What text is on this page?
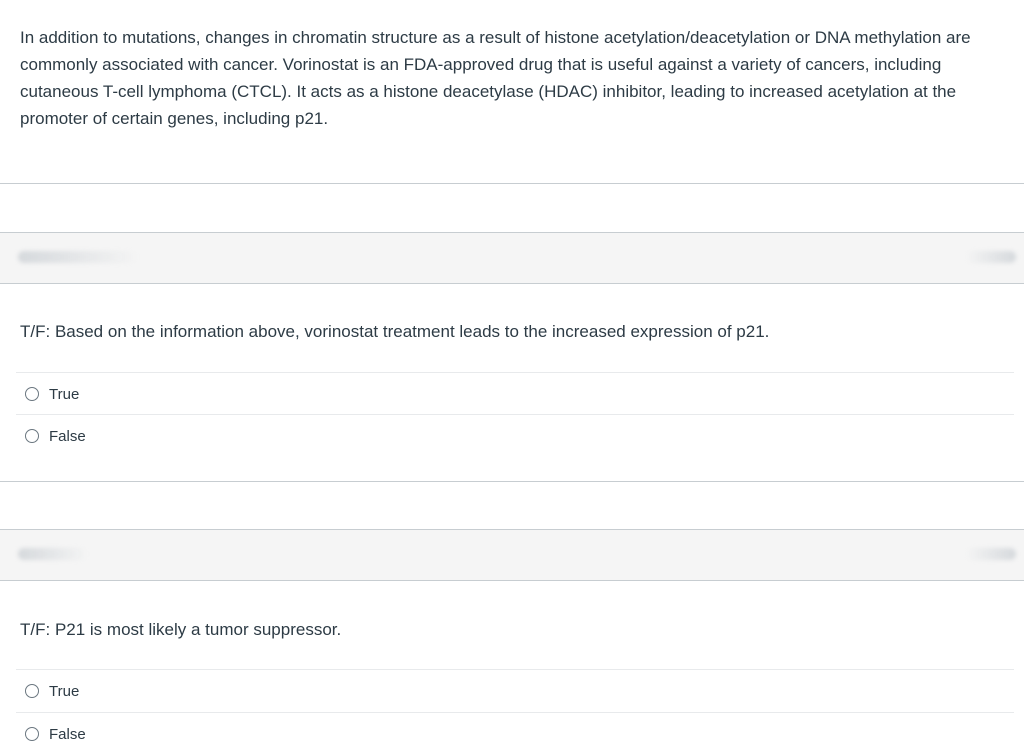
In addition to mutations, changes in chromatin structure as a result of histone acetylation/deacetylation or DNA methylation are commonly associated with cancer. Vorinostat is an FDA-approved drug that is useful against a variety of cancers, including cutaneous T-cell lymphoma (CTCL). It acts as a histone deacetylase (HDAC) inhibitor, leading to increased acetylation at the promoter of certain genes, including p21.
T/F: Based on the information above, vorinostat treatment leads to the increased expression of p21.
True
False
T/F: P21 is most likely a tumor suppressor.
True
False
